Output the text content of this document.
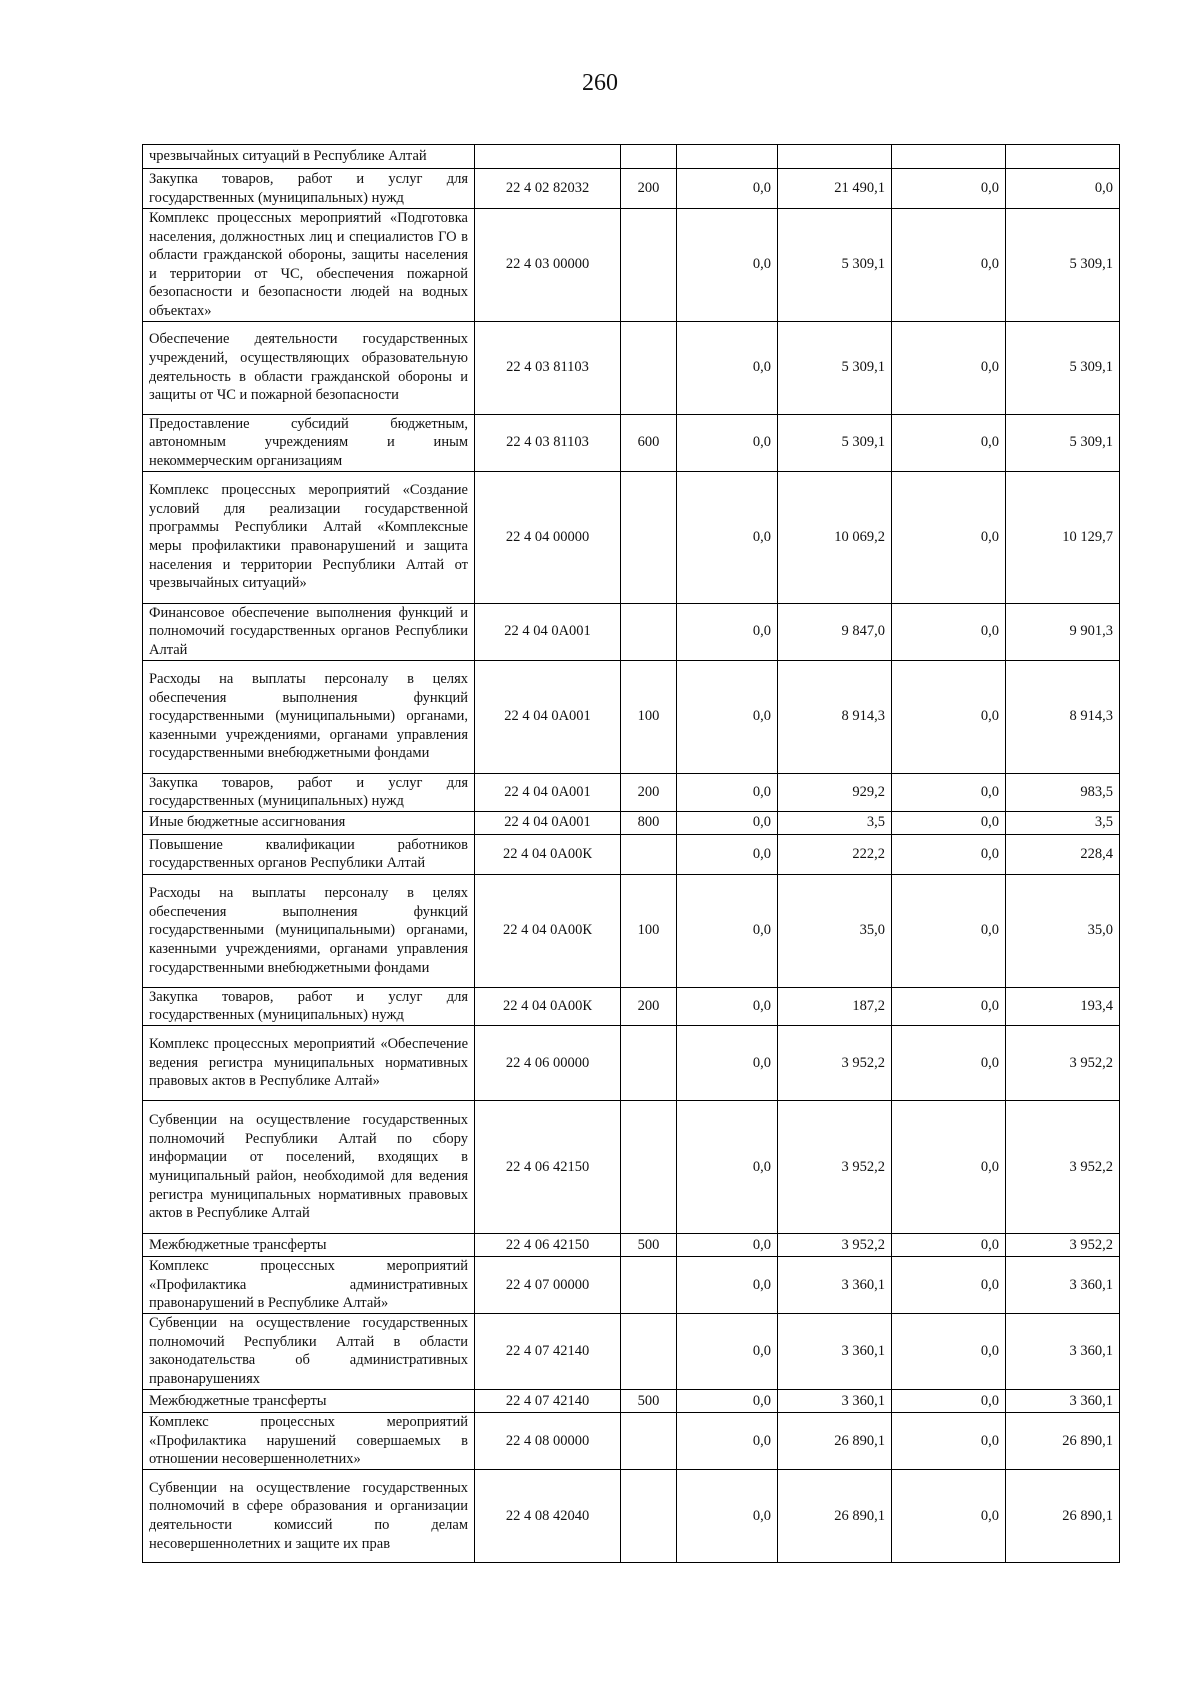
260
чрезвычайных ситуаций в Республике Алтай						
Закупка товаров, работ и услуг для государственных (муниципальных) нужд	22 4 02 82032	200	0,0	21 490,1	0,0	0,0
Комплекс процессных мероприятий «Подготовка населения, должностных лиц и специалистов ГО в области гражданской обороны, защиты населения и территории от ЧС, обеспечения пожарной безопасности и безопасности людей на водных объектах»	22 4 03 00000		0,0	5 309,1	0,0	5 309,1
Обеспечение деятельности государственных учреждений, осуществляющих образовательную деятельность в области гражданской обороны и защиты от ЧС и пожарной безопасности	22 4 03 81103		0,0	5 309,1	0,0	5 309,1
Предоставление субсидий бюджетным, автономным учреждениям и иным некоммерческим организациям	22 4 03 81103	600	0,0	5 309,1	0,0	5 309,1
Комплекс процессных мероприятий «Создание условий для реализации государственной программы Республики Алтай «Комплексные меры профилактики правонарушений и защита населения и территории Республики Алтай от чрезвычайных ситуаций»	22 4 04 00000		0,0	10 069,2	0,0	10 129,7
Финансовое обеспечение выполнения функций и полномочий государственных органов Республики Алтай	22 4 04 0А001		0,0	9 847,0	0,0	9 901,3
Расходы на выплаты персоналу в целях обеспечения выполнения функций государственными (муниципальными) органами, казенными учреждениями, органами управления государственными внебюджетными фондами	22 4 04 0А001	100	0,0	8 914,3	0,0	8 914,3
Закупка товаров, работ и услуг для государственных (муниципальных) нужд	22 4 04 0А001	200	0,0	929,2	0,0	983,5
Иные бюджетные ассигнования	22 4 04 0А001	800	0,0	3,5	0,0	3,5
Повышение квалификации работников государственных органов Республики Алтай	22 4 04 0А00К		0,0	222,2	0,0	228,4
Расходы на выплаты персоналу в целях обеспечения выполнения функций государственными (муниципальными) органами, казенными учреждениями, органами управления государственными внебюджетными фондами	22 4 04 0А00К	100	0,0	35,0	0,0	35,0
Закупка товаров, работ и услуг для государственных (муниципальных) нужд	22 4 04 0А00К	200	0,0	187,2	0,0	193,4
Комплекс процессных мероприятий «Обеспечение ведения регистра муниципальных нормативных правовых актов в Республике Алтай»	22 4 06 00000		0,0	3 952,2	0,0	3 952,2
Субвенции на осуществление государственных полномочий Республики Алтай по сбору информации от поселений, входящих в муниципальный район, необходимой для ведения регистра муниципальных нормативных правовых актов в Республике Алтай	22 4 06 42150		0,0	3 952,2	0,0	3 952,2
Межбюджетные трансферты	22 4 06 42150	500	0,0	3 952,2	0,0	3 952,2
Комплекс процессных мероприятий «Профилактика административных правонарушений в Республике Алтай»	22 4 07 00000		0,0	3 360,1	0,0	3 360,1
Субвенции на осуществление государственных полномочий Республики Алтай в области законодательства об административных правонарушениях	22 4 07 42140		0,0	3 360,1	0,0	3 360,1
Межбюджетные трансферты	22 4 07 42140	500	0,0	3 360,1	0,0	3 360,1
Комплекс процессных мероприятий «Профилактика нарушений совершаемых в отношении несовершеннолетних»	22 4 08 00000		0,0	26 890,1	0,0	26 890,1
Субвенции на осуществление государственных полномочий в сфере образования и организации деятельности комиссий по делам несовершеннолетних и защите их прав	22 4 08 42040		0,0	26 890,1	0,0	26 890,1
